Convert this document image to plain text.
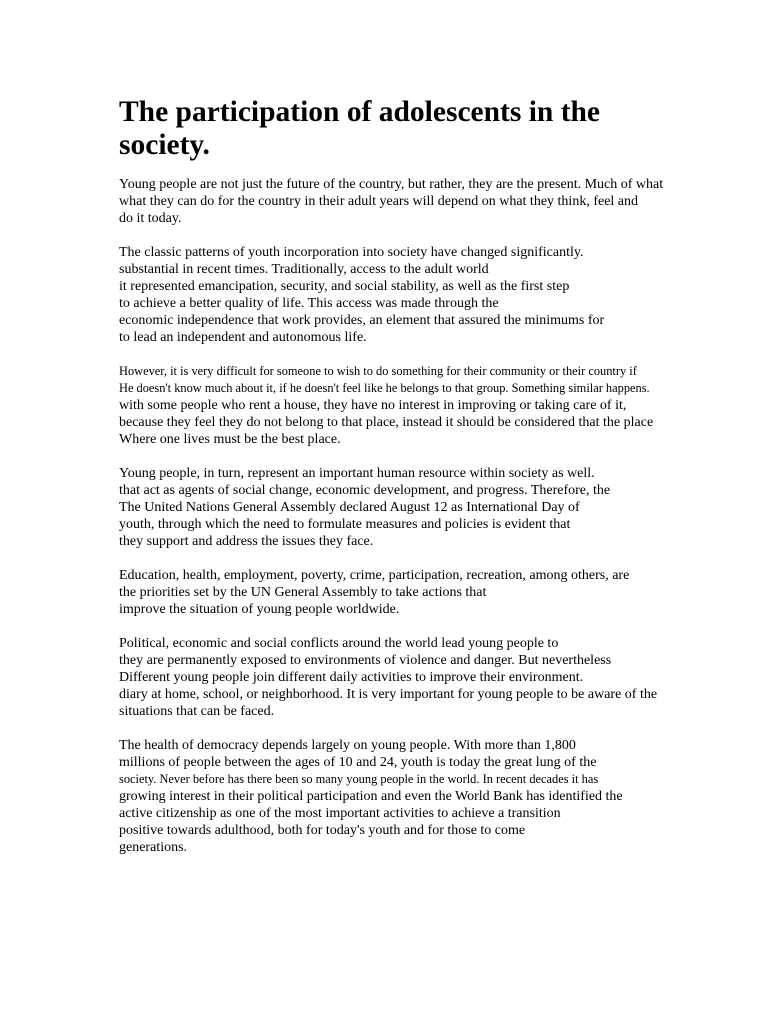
The participation of adolescents in the society.
Young people are not just the future of the country, but rather, they are the present. Much of what
what they can do for the country in their adult years will depend on what they think, feel and
do it today.
The classic patterns of youth incorporation into society have changed significantly.
substantial in recent times. Traditionally, access to the adult world
it represented emancipation, security, and social stability, as well as the first step
to achieve a better quality of life. This access was made through the
economic independence that work provides, an element that assured the minimums for
to lead an independent and autonomous life.
However, it is very difficult for someone to wish to do something for their community or their country if
He doesn't know much about it, if he doesn't feel like he belongs to that group. Something similar happens.
with some people who rent a house, they have no interest in improving or taking care of it,
because they feel they do not belong to that place, instead it should be considered that the place
Where one lives must be the best place.
Young people, in turn, represent an important human resource within society as well.
that act as agents of social change, economic development, and progress. Therefore, the
The United Nations General Assembly declared August 12 as International Day of
youth, through which the need to formulate measures and policies is evident that
they support and address the issues they face.
Education, health, employment, poverty, crime, participation, recreation, among others, are
the priorities set by the UN General Assembly to take actions that
improve the situation of young people worldwide.
Political, economic and social conflicts around the world lead young people to
they are permanently exposed to environments of violence and danger. But nevertheless
Different young people join different daily activities to improve their environment.
diary at home, school, or neighborhood. It is very important for young people to be aware of the
situations that can be faced.
The health of democracy depends largely on young people. With more than 1,800
millions of people between the ages of 10 and 24, youth is today the great lung of the
society. Never before has there been so many young people in the world. In recent decades it has
growing interest in their political participation and even the World Bank has identified the
active citizenship as one of the most important activities to achieve a transition
positive towards adulthood, both for today's youth and for those to come
generations.
